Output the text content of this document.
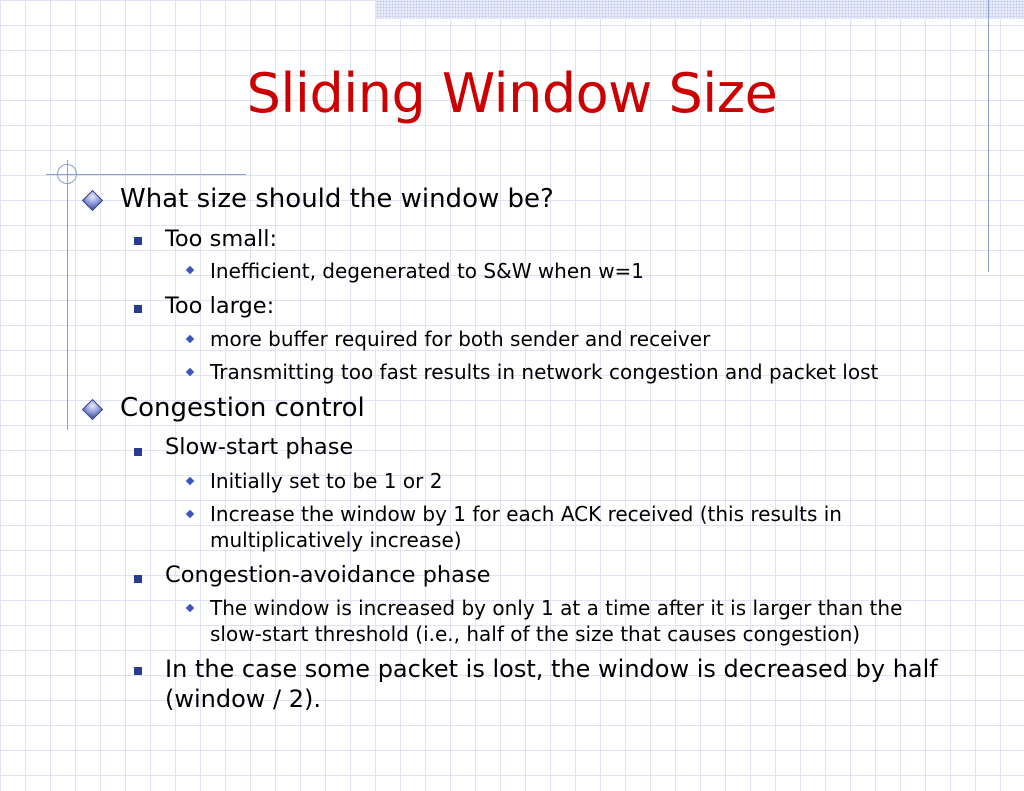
Sliding Window Size
What size should the window be?
Too small:
Inefficient, degenerated to S&W when w=1
Too large:
more buffer required for both sender and receiver
Transmitting too fast results in network congestion and packet lost
Congestion control
Slow-start phase
Initially set to be 1 or 2
Increase the window by 1 for each ACK received (this results in
multiplicatively increase)
Congestion-avoidance phase
The window is increased by only 1 at a time after it is larger than the
slow-start threshold (i.e., half of the size that causes congestion)
In the case some packet is lost, the window is decreased by half
(window / 2).
